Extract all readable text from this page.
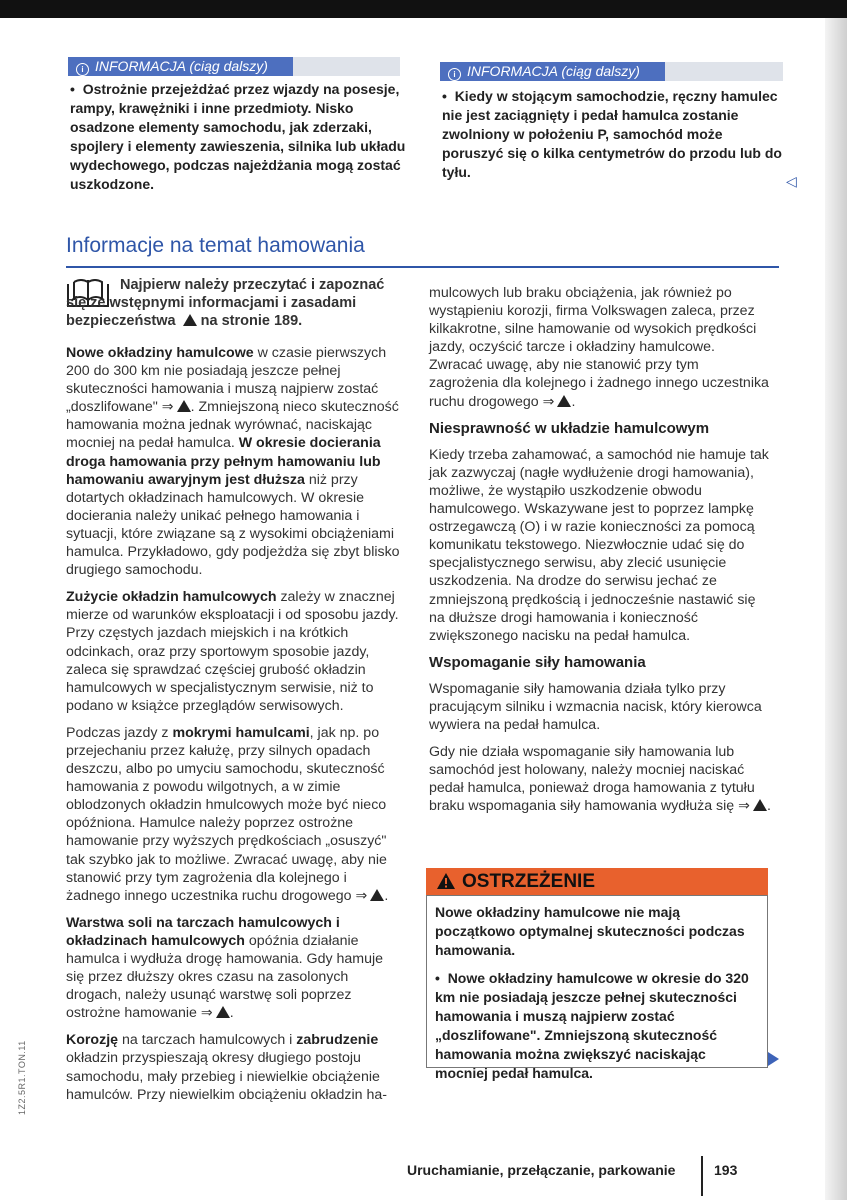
i INFORMACJA (ciąg dalszy)
• Ostrożnie przejeżdżać przez wjazdy na posesje, rampy, krawężniki i inne przedmioty. Nisko osadzone elementy samochodu, jak zderzaki, spojlery i elementy zawieszenia, silnika lub układu wydechowego, podczas najeżdżania mogą zostać uszkodzone.
i INFORMACJA (ciąg dalszy)
• Kiedy w stojącym samochodzie, ręczny hamulec nie jest zaciągnięty i pedał hamulca zostanie zwolniony w położeniu P, samochód może poruszyć się o kilka centymetrów do przodu lub do tyłu.
◁
Informacje na temat hamowania

Najpierw należy przeczytać i zapoznać się ze wstępnymi informacjami i zasadami bezpieczeństwa na stronie 189.

Nowe okładziny hamulcowe w czasie pierwszych 200 do 300 km nie posiadają jeszcze pełnej skuteczności hamowania i muszą najpierw zostać „doszlifowane" ⇒ . Zmniejszoną nieco skuteczność hamowania można jednak wyrównać, naciskając mocniej na pedał hamulca. W okresie docierania droga hamowania przy pełnym hamowaniu lub hamowaniu awaryjnym jest dłuższa niż przy dotartych okładzinach hamulcowych. W okresie docierania należy unikać pełnego hamowania i sytuacji, które związane są z wysokimi obciążeniami hamulca. Przykładowo, gdy podjeżdża się zbyt blisko drugiego samochodu.

Zużycie okładzin hamulcowych zależy w znacznej mierze od warunków eksploatacji i od sposobu jazdy. Przy częstych jazdach miejskich i na krótkich odcinkach, oraz przy sportowym sposobie jazdy, zaleca się sprawdzać częściej grubość okładzin hamulcowych w specjalistycznym serwisie, niż to podano w książce przeglądów serwisowych.

Podczas jazdy z mokrymi hamulcami, jak np. po przejechaniu przez kałużę, przy silnych opadach deszczu, albo po umyciu samochodu, skuteczność hamowania z powodu wilgotnych, a w zimie oblodzonych okładzin hmulcowych może być nieco opóźniona. Hamulce należy poprzez ostrożne hamowanie przy wyższych prędkościach „osuszyć" tak szybko jak to możliwe. Zwracać uwagę, aby nie stanowić przy tym zagrożenia dla kolejnego i żadnego innego uczestnika ruchu drogowego ⇒ .

Warstwa soli na tarczach hamulcowych i okładzinach hamulcowych opóźnia działanie hamulca i wydłuża drogę hamowania. Gdy hamuje się przez dłuższy okres czasu na zasolonych drogach, należy usunąć warstwę soli poprzez ostrożne hamowanie ⇒ .

Korozję na tarczach hamulcowych i zabrudzenie okładzin przyspieszają okresy długiego postoju samochodu, mały przebieg i niewielkie obciążenie hamulców. Przy niewielkim obciążeniu okładzin ha-

mulcowych lub braku obciążenia, jak również po wystąpieniu korozji, firma Volkswagen zaleca, przez kilkakrotne, silne hamowanie od wysokich prędkości jazdy, oczyścić tarcze i okładziny hamulcowe. Zwracać uwagę, aby nie stanowić przy tym zagrożenia dla kolejnego i żadnego innego uczestnika ruchu drogowego ⇒ .

Niesprawność w układzie hamulcowym

Kiedy trzeba zahamować, a samochód nie hamuje tak jak zazwyczaj (nagłe wydłużenie drogi hamowania), możliwe, że wystąpiło uszkodzenie obwodu hamulcowego. Wskazywane jest to poprzez lampkę ostrzegawczą (O) i w razie konieczności za pomocą komunikatu tekstowego. Niezwłocznie udać się do specjalistycznego serwisu, aby zlecić usunięcie uszkodzenia. Na drodze do serwisu jechać ze zmniejszoną prędkością i jednocześnie nastawić się na dłuższe drogi hamowania i konieczność zwiększonego nacisku na pedał hamulca.

Wspomaganie siły hamowania

Wspomaganie siły hamowania działa tylko przy pracującym silniku i wzmacnia nacisk, który kierowca wywiera na pedał hamulca.

Gdy nie działa wspomaganie siły hamowania lub samochód jest holowany, należy mocniej naciskać pedał hamulca, ponieważ droga hamowania z tytułu braku wspomagania siły hamowania wydłuża się ⇒ .

OSTRZEŻENIE

Nowe okładziny hamulcowe nie mają początkowo optymalnej skuteczności podczas hamowania.

• Nowe okładziny hamulcowe w okresie do 320 km nie posiadają jeszcze pełnej skuteczności hamowania i muszą najpierw zostać „doszlifowane". Zmniejszoną skuteczność hamowania można zwiększyć naciskając mocniej pedał hamulca.

Uruchamianie, przełączanie, parkowanie	193
1Z2.5R1.TON.11
